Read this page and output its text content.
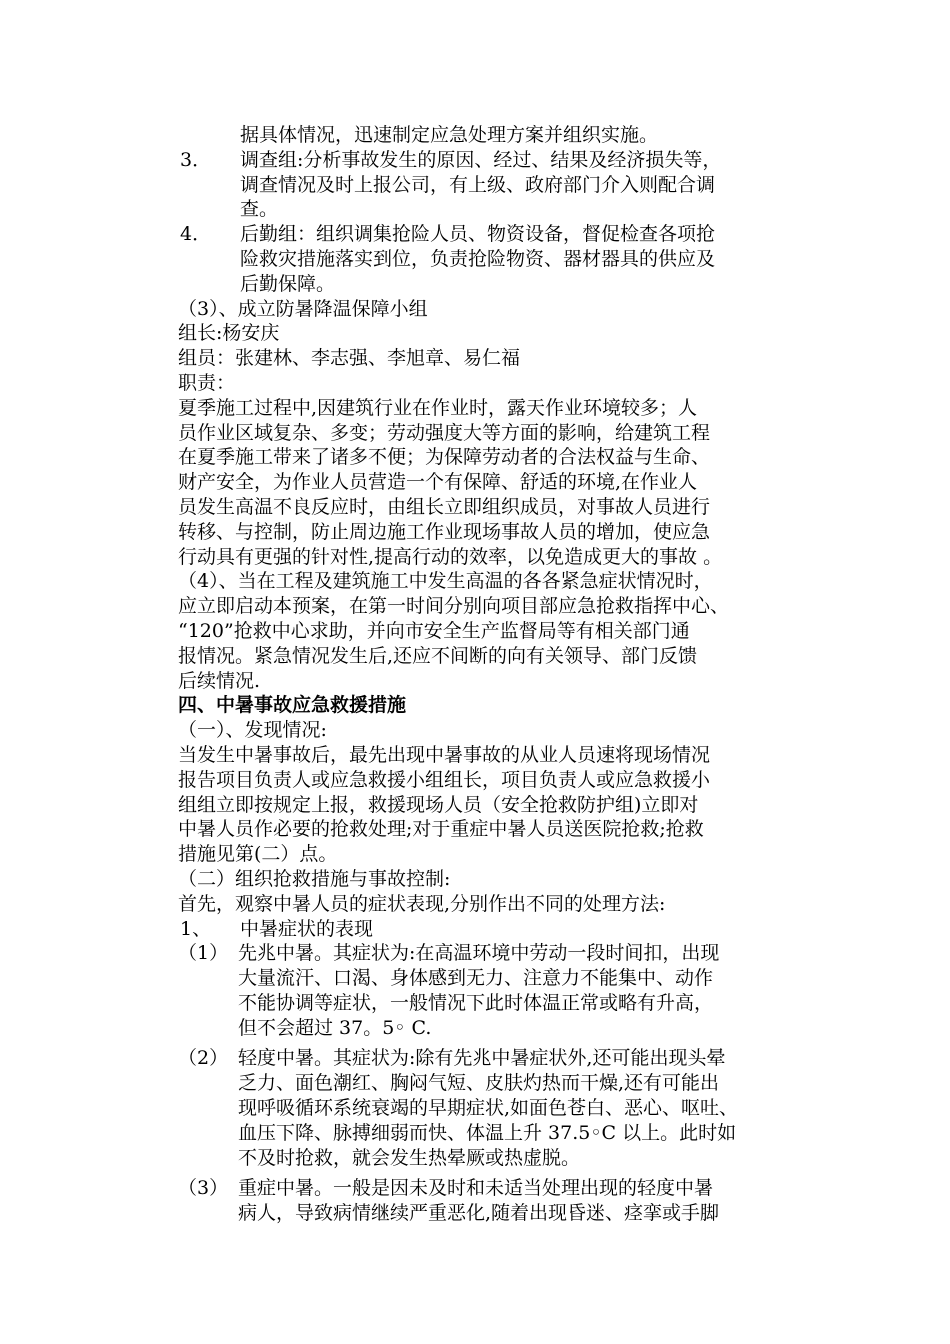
据具体情况，迅速制定应急处理方案并组织实施。
3． 调查组:分析事故发生的原因、经过、结果及经济损失等，
调查情况及时上报公司，有上级、政府部门介入则配合调
查。
4． 后勤组：组织调集抢险人员、物资设备，督促检查各项抢
险救灾措施落实到位，负责抢险物资、器材器具的供应及
后勤保障。
（3）、成立防暑降温保障小组
组长:杨安庆
组员：张建林、李志强、李旭章、易仁福
职责：
夏季施工过程中,因建筑行业在作业时，露天作业环境较多；人
员作业区域复杂、多变；劳动强度大等方面的影响，给建筑工程
在夏季施工带来了诸多不便；为保障劳动者的合法权益与生命、
财产安全，为作业人员营造一个有保障、舒适的环境,在作业人
员发生高温不良反应时，由组长立即组织成员，对事故人员进行
转移、与控制，防止周边施工作业现场事故人员的增加，使应急
行动具有更强的针对性,提高行动的效率，以免造成更大的事故 。
（4）、当在工程及建筑施工中发生高温的各各紧急症状情况时，
应立即启动本预案，在第一时间分别向项目部应急抢救指挥中心、
“120”抢救中心求助，并向市安全生产监督局等有相关部门通
报情况。紧急情况发生后,还应不间断的向有关领导、部门反馈
后续情况.
四、中暑事故应急救援措施
（一）、发现情况:
当发生中暑事故后，最先出现中暑事故的从业人员速将现场情况
报告项目负责人或应急救援小组组长，项目负责人或应急救援小
组组立即按规定上报，救援现场人员（安全抢救防护组)立即对
中暑人员作必要的抢救处理;对于重症中暑人员送医院抢救;抢救
措施见第(二）点。
（二）组织抢救措施与事故控制:
首先，观察中暑人员的症状表现,分别作出不同的处理方法:
1、 中暑症状的表现
（1） 先兆中暑。其症状为:在高温环境中劳动一段时间扣，出现
大量流汗、口渴、身体感到无力、注意力不能集中、动作
不能协调等症状，一般情况下此时体温正常或略有升高，
但不会超过 37。5◦ C.
（2） 轻度中暑。其症状为:除有先兆中暑症状外,还可能出现头晕
乏力、面色潮红、胸闷气短、皮肤灼热而干燥,还有可能出
现呼吸循环系统衰竭的早期症状,如面色苍白、恶心、呕吐、
血压下降、脉搏细弱而快、体温上升 37.5◦C 以上。此时如
不及时抢救，就会发生热晕厥或热虚脱。
（3） 重症中暑。一般是因未及时和未适当处理出现的轻度中暑
病人，导致病情继续严重恶化,随着出现昏迷、痉挛或手脚
